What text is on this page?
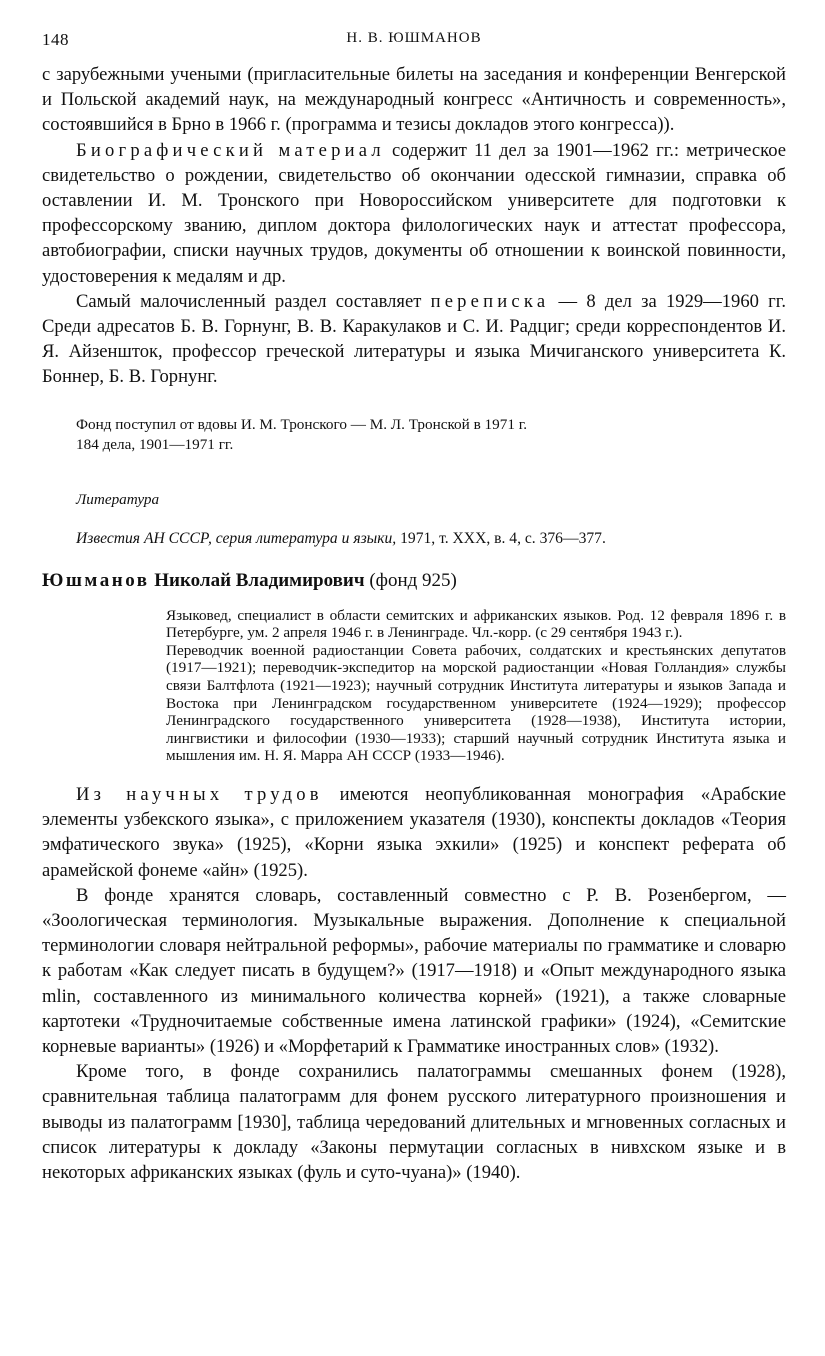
148	Н. В. ЮШМАНОВ

с зарубежными учеными (пригласительные билеты на заседания и конференции Венгерской и Польской академий наук, на международный конгресс «Античность и современность», состоявшийся в Брно в 1966 г. (программа и тезисы докладов этого конгресса)).

Биографический материал содержит 11 дел за 1901—1962 гг.: метрическое свидетельство о рождении, свидетельство об окончании одесской гимназии, справка об оставлении И. М. Тронского при Новороссийском университете для подготовки к профессорскому званию, диплом доктора филологических наук и аттестат профессора, автобиографии, списки научных трудов, документы об отношении к воинской повинности, удостоверения к медалям и др.

Самый малочисленный раздел составляет переписка — 8 дел за 1929—1960 гг. Среди адресатов Б. В. Горнунг, В. В. Каракулаков и С. И. Радциг; среди корреспондентов И. Я. Айзеншток, профессор греческой литературы и языка Мичиганского университета К. Боннер, Б. В. Горнунг.

Фонд поступил от вдовы И. М. Тронского — М. Л. Тронской в 1971 г.
184 дела, 1901—1971 гг.
Литература
Известия АН СССР, серия литература и языки, 1971, т. XXX, в. 4, с. 376—377.
Юшманов Николай Владимирович (фонд 925)

Языковед, специалист в области семитских и африканских языков. Род. 12 февраля 1896 г. в Петербурге, ум. 2 апреля 1946 г. в Ленинграде. Чл.-корр. (с 29 сентября 1943 г.).

Переводчик военной радиостанции Совета рабочих, солдатских и крестьянских депутатов (1917—1921); переводчик-экспедитор на морской радиостанции «Новая Голландия» службы связи Балтфлота (1921—1923); научный сотрудник Института литературы и языков Запада и Востока при Ленинградском государственном университете (1924—1929); профессор Ленинградского государственного университета (1928—1938), Института истории, лингвистики и философии (1930—1933); старший научный сотрудник Института языка и мышления им. Н. Я. Марра АН СССР (1933—1946).

Из научных трудов имеются неопубликованная монография «Арабские элементы узбекского языка», с приложением указателя (1930), конспекты докладов «Теория эмфатического звука» (1925), «Корни языка эхкили» (1925) и конспект реферата об арамейской фонеме «айн» (1925).

В фонде хранятся словарь, составленный совместно с Р. В. Розенбергом, — «Зоологическая терминология. Музыкальные выражения. Дополнение к специальной терминологии словаря нейтральной реформы», рабочие материалы по грамматике и словарю к работам «Как следует писать в будущем?» (1917—1918) и «Опыт международного языка mlin, составленного из минимального количества корней» (1921), а также словарные картотеки «Трудночитаемые собственные имена латинской графики» (1924), «Семитские корневые варианты» (1926) и «Морфетарий к Грамматике иностранных слов» (1932).

Кроме того, в фонде сохранились палатограммы смешанных фонем (1928), сравнительная таблица палатограмм для фонем русского литературного произношения и выводы из палатограмм [1930], таблица чередований длительных и мгновенных согласных и список литературы к докладу «Законы пермутации согласных в нивхском языке и в некоторых африканских языках (фуль и суто-чуана)» (1940).
